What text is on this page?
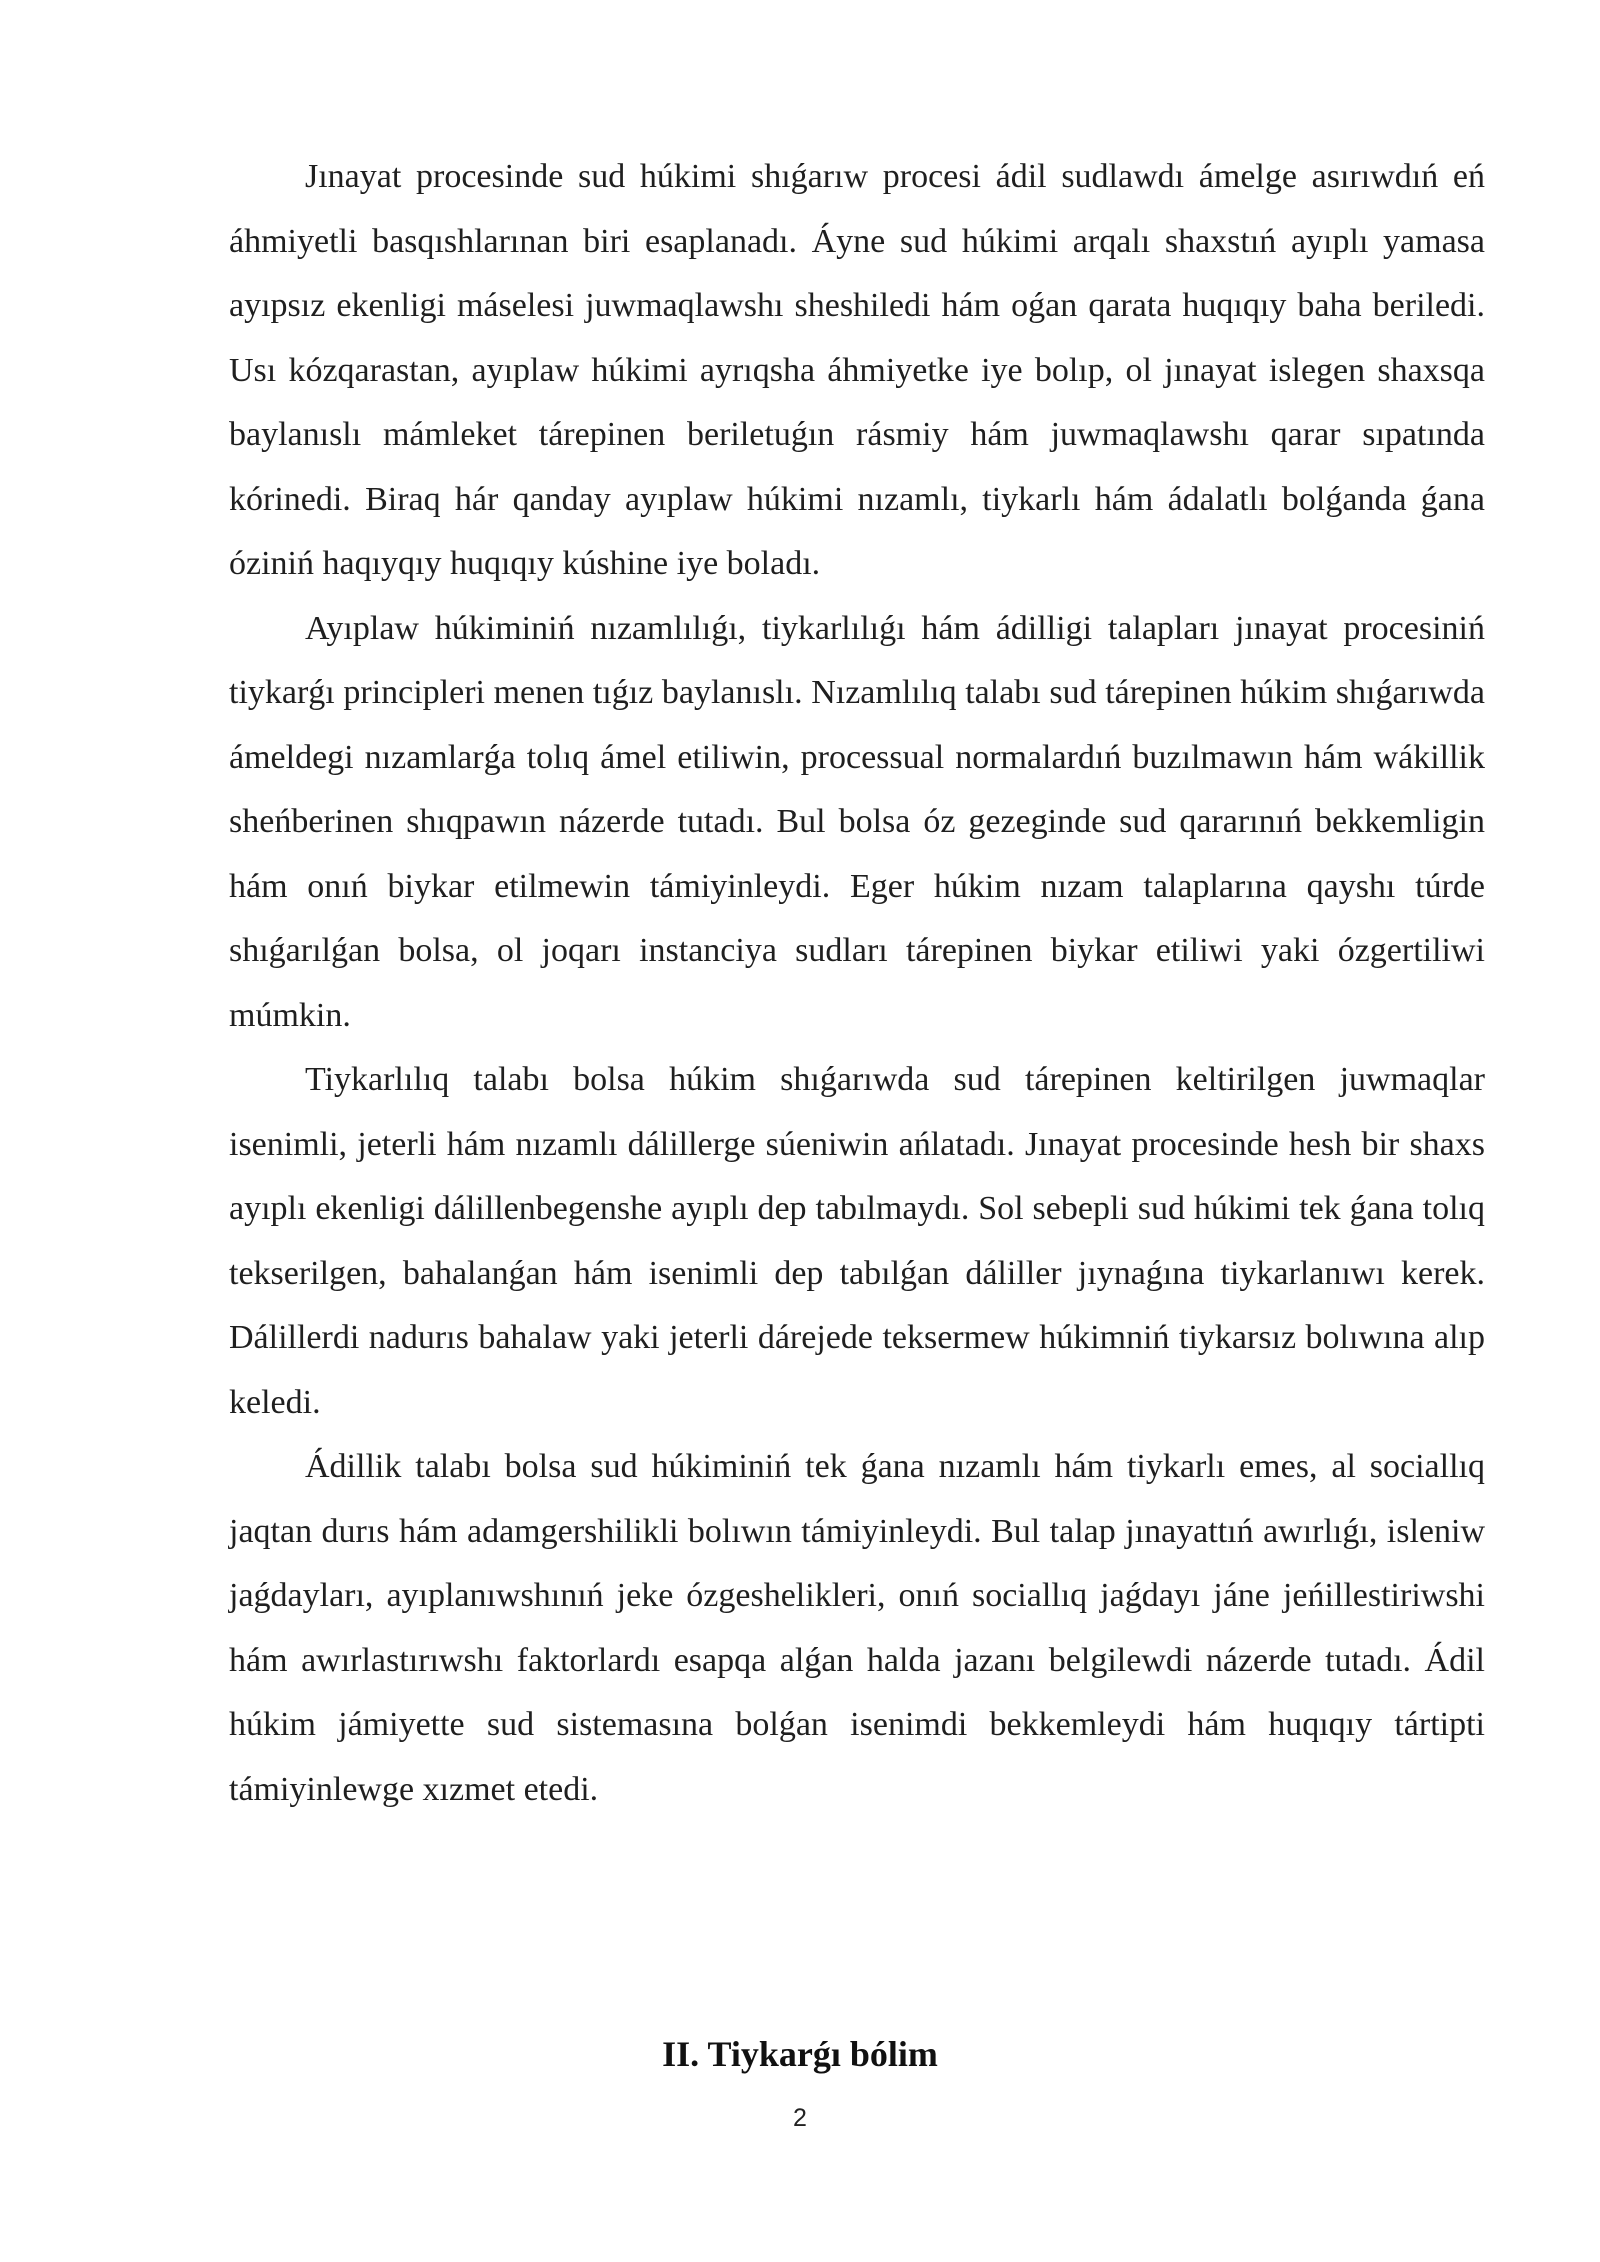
Jınayat procesinde sud húkimi shıǵarıw procesi ádil sudlawdı ámelge asırıwdıń eń áhmiyetli basqıshlarınan biri esaplanadı. Áyne sud húkimi arqalı shaxstıń ayıplı yamasa ayıpsız ekenligi máselesi juwmaqlawshı sheshiledi hám oǵan qarata huqıqıy baha beriledi. Usı kózqarastan, ayıplaw húkimi ayrıqsha áhmiyetke iye bolıp, ol jınayat islegen shaxsqa baylanıslı mámleket tárepinen beriletuǵın rásmiy hám juwmaqlawshı qarar sıpatında kórinedi. Biraq hár qanday ayıplaw húkimi nızamlı, tiykarlı hám ádalatlı bolǵanda ǵana óziniń haqıyqıy huqıqıy kúshine iye boladı.

Ayıplaw húkiminiń nızamlılıǵı, tiykarlılıǵı hám ádilligi talapları jınayat procesiniń tiykarǵı principleri menen tıǵız baylanıslı. Nızamlılıq talabı sud tárepinen húkim shıǵarıwda ámeldegi nızamlarǵa tolıq ámel etiliwin, processual normalardıń buzılmawın hám wákillik sheńberinen shıqpawın názerde tutadı. Bul bolsa óz gezeginde sud qararınıń bekkemligin hám onıń biykar etilmewin támiyinleydi. Eger húkim nızam talaplarına qayshı túrde shıǵarılǵan bolsa, ol joqarı instanciya sudları tárepinen biykar etiliwi yaki ózgertiliwi múmkin.

Tiykarlılıq talabı bolsa húkim shıǵarıwda sud tárepinen keltirilgen juwmaqlar isenimli, jeterli hám nızamlı dálillerge súeniwin ańlatadı. Jınayat procesinde hesh bir shaxs ayıplı ekenligi dálillenbegenshe ayıplı dep tabılmaydı. Sol sebepli sud húkimi tek ǵana tolıq tekserilgen, bahalanǵan hám isenimli dep tabılǵan dáliller jıynaǵına tiykarlanıwı kerek. Dálillerdi nadurıs bahalaw yaki jeterli dárejede teksermew húkimniń tiykarsız bolıwına alıp keledi.

Ádillik talabı bolsa sud húkiminiń tek ǵana nızamlı hám tiykarlı emes, al sociallıq jaqtan durıs hám adamgershilikli bolıwın támiyinleydi. Bul talap jınayattıń awırlıǵı, isleniw jaǵdayları, ayıplanıwshınıń jeke ózgeshelikleri, onıń sociallıq jaǵdayı jáne jeńillestiriwshi hám awırlastırıwshı faktorlardı esapqa alǵan halda jazanı belgilewdi názerde tutadı. Ádil húkim jámiyette sud sistemasına bolǵan isenimdi bekkemleydi hám huqıqıy tártipti támiyinlewge xızmet etedi.

II. Tiykarǵı bólim
2
